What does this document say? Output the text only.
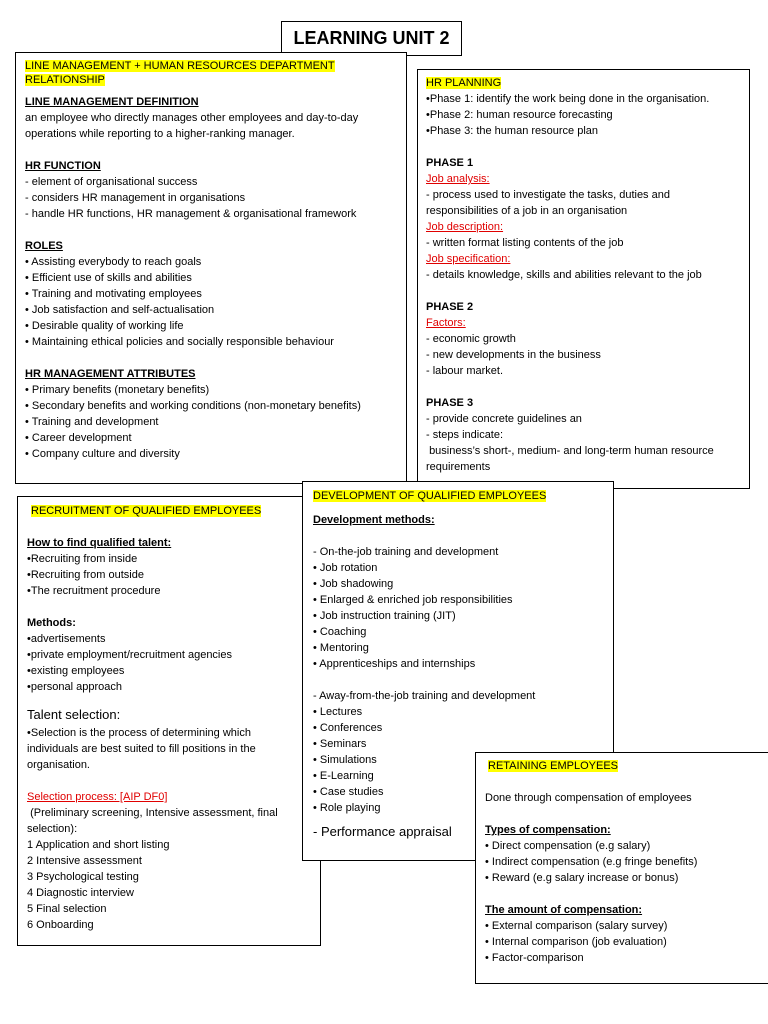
LEARNING UNIT 2
LINE MANAGEMENT + HUMAN RESOURCES DEPARTMENT
RELATIONSHIP

LINE MANAGEMENT DEFINITION

an employee who directly manages other employees and day-to-day

operations while reporting to a higher-ranking manager.

HR FUNCTION

- element of organisational success

- considers HR management in organisations

- handle HR functions, HR management & organisational framework

ROLES

• Assisting everybody to reach goals

• Efficient use of skills and abilities

• Training and motivating employees

• Job satisfaction and self-actualisation

• Desirable quality of working life

• Maintaining ethical policies and socially responsible behaviour

HR MANAGEMENT ATTRIBUTES

• Primary benefits (monetary benefits)

• Secondary benefits and working conditions (non-monetary benefits)

• Training and development

• Career development

• Company culture and diversity

HR PLANNING

•Phase 1: identify the work being done in the organisation.

•Phase 2: human resource forecasting

•Phase 3: the human resource plan

PHASE 1

Job analysis:

- process used to investigate the tasks, duties and

responsibilities of a job in an organisation

Job description:

- written format listing contents of the job

Job specification:

- details knowledge, skills and abilities relevant to the job

PHASE 2

Factors:

- economic growth

- new developments in the business

- labour market.

PHASE 3

- provide concrete guidelines an

- steps indicate:

business’s short-, medium- and long-term human resource

requirements

RECRUITMENT OF QUALIFIED EMPLOYEES

How to find qualified talent:

•Recruiting from inside

•Recruiting from outside

•The recruitment procedure

Methods:

•advertisements

•private employment/recruitment agencies

•existing employees

•personal approach

Talent selection:

•Selection is the process of determining which

individuals are best suited to fill positions in the

organisation.

Selection process: [AIP DF0]

(Preliminary screening, Intensive assessment, final

selection):

1 Application and short listing

2 Intensive assessment

3 Psychological testing

4 Diagnostic interview

5 Final selection

6 Onboarding

DEVELOPMENT OF QUALIFIED EMPLOYEES

Development methods:

- On-the-job training and development

• Job rotation

• Job shadowing

• Enlarged & enriched job responsibilities

• Job instruction training (JIT)

• Coaching

• Mentoring

• Apprenticeships and internships

- Away-from-the-job training and development

• Lectures

• Conferences

• Seminars

• Simulations

• E-Learning

• Case studies

• Role playing

- Performance appraisal

RETAINING EMPLOYEES

Done through compensation of employees

Types of compensation:

• Direct compensation (e.g salary)

• Indirect compensation (e.g fringe benefits)

• Reward (e.g salary increase or bonus)

The amount of compensation:

• External comparison (salary survey)

• Internal comparison (job evaluation)

• Factor-comparison
